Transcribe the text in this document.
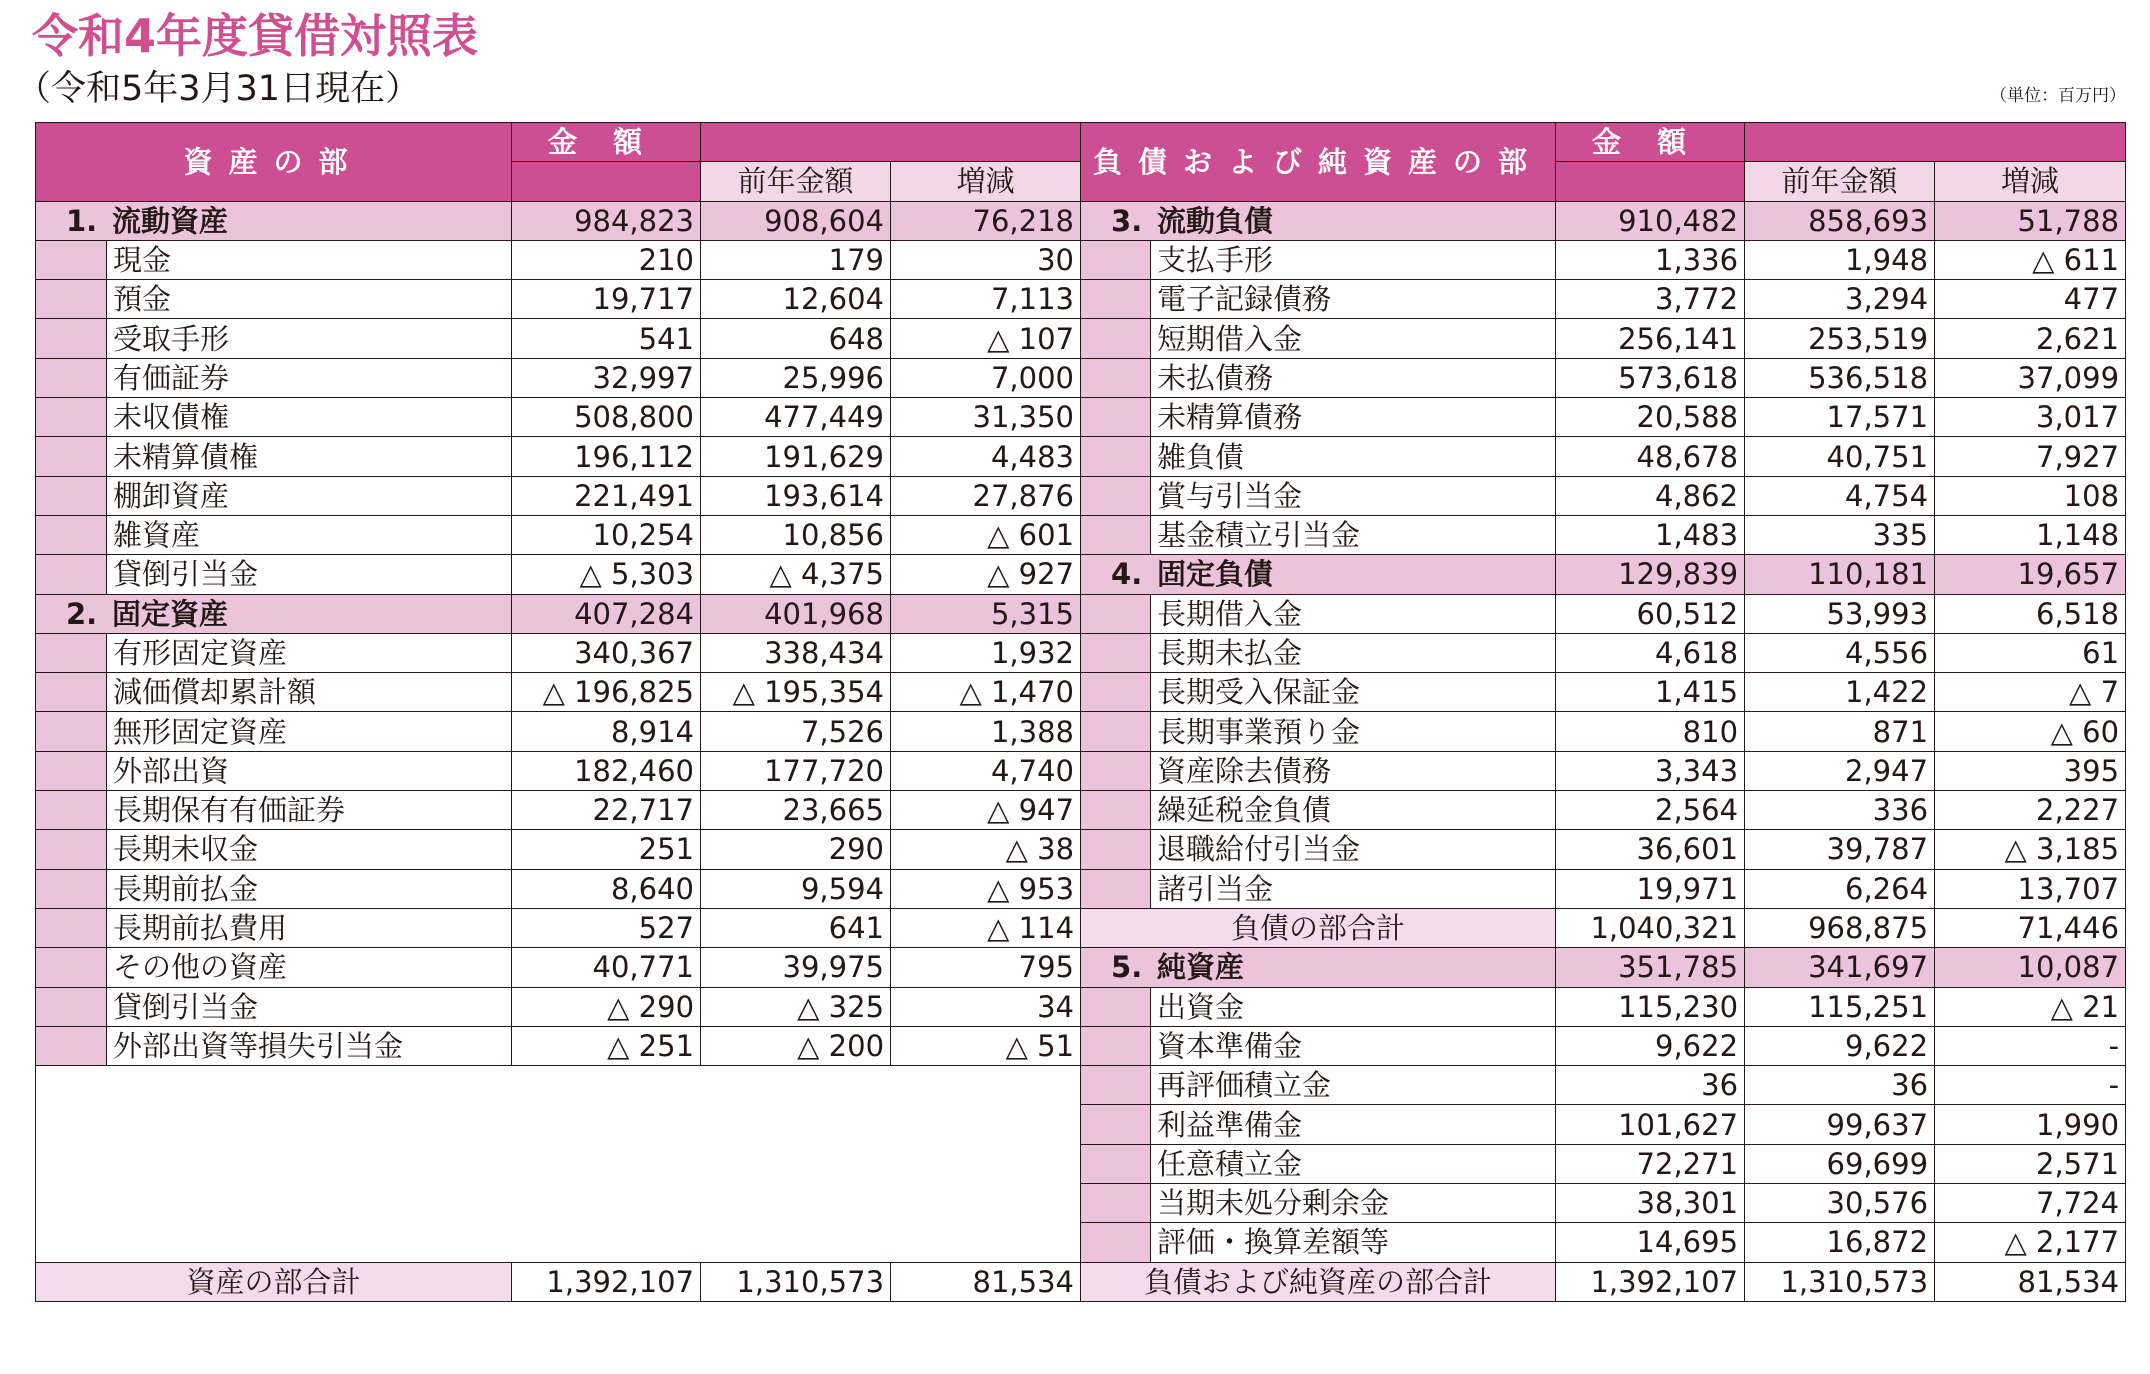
令和4年度貸借対照表
（令和5年3月31日現在）	（単位：百万円）
資産の部		金額			負債および純資産の部		金額		
			前年金額	増減				前年金額	増減
1. 流動資産		984,823	908,604	76,218	3. 流動負債		910,482	858,693	51,788
	現金	210	179	30		支払手形	1,336	1,948	△ 611
	預金	19,717	12,604	7,113		電子記録債務	3,772	3,294	477
	受取手形	541	648	△ 107		短期借入金	256,141	253,519	2,621
	有価証券	32,997	25,996	7,000		未払債務	573,618	536,518	37,099
	未収債権	508,800	477,449	31,350		未精算債務	20,588	17,571	3,017
	未精算債権	196,112	191,629	4,483		雑負債	48,678	40,751	7,927
	棚卸資産	221,491	193,614	27,876		賞与引当金	4,862	4,754	108
	雑資産	10,254	10,856	△ 601		基金積立引当金	1,483	335	1,148
	貸倒引当金	△ 5,303	△ 4,375	△ 927	4. 固定負債		129,839	110,181	19,657
2. 固定資産		407,284	401,968	5,315		長期借入金	60,512	53,993	6,518
	有形固定資産	340,367	338,434	1,932		長期未払金	4,618	4,556	61
	減価償却累計額	△ 196,825	△ 195,354	△ 1,470		長期受入保証金	1,415	1,422	△ 7
	無形固定資産	8,914	7,526	1,388		長期事業預り金	810	871	△ 60
	外部出資	182,460	177,720	4,740		資産除去債務	3,343	2,947	395
	長期保有有価証券	22,717	23,665	△ 947		繰延税金負債	2,564	336	2,227
	長期未収金	251	290	△ 38		退職給付引当金	36,601	39,787	△ 3,185
	長期前払金	8,640	9,594	△ 953		諸引当金	19,971	6,264	13,707
	長期前払費用	527	641	△ 114	負債の部合計		1,040,321	968,875	71,446
	その他の資産	40,771	39,975	795	5. 純資産		351,785	341,697	10,087
	貸倒引当金	△ 290	△ 325	34		出資金	115,230	115,251	△ 21
	外部出資等損失引当金	△ 251	△ 200	△ 51		資本準備金	9,622	9,622	-
						再評価積立金	36	36	-
						利益準備金	101,627	99,637	1,990
						任意積立金	72,271	69,699	2,571
						当期未処分剰余金	38,301	30,576	7,724
						評価・換算差額等	14,695	16,872	△ 2,177
資産の部合計		1,392,107	1,310,573	81,534	負債および純資産の部合計		1,392,107	1,310,573	81,534
